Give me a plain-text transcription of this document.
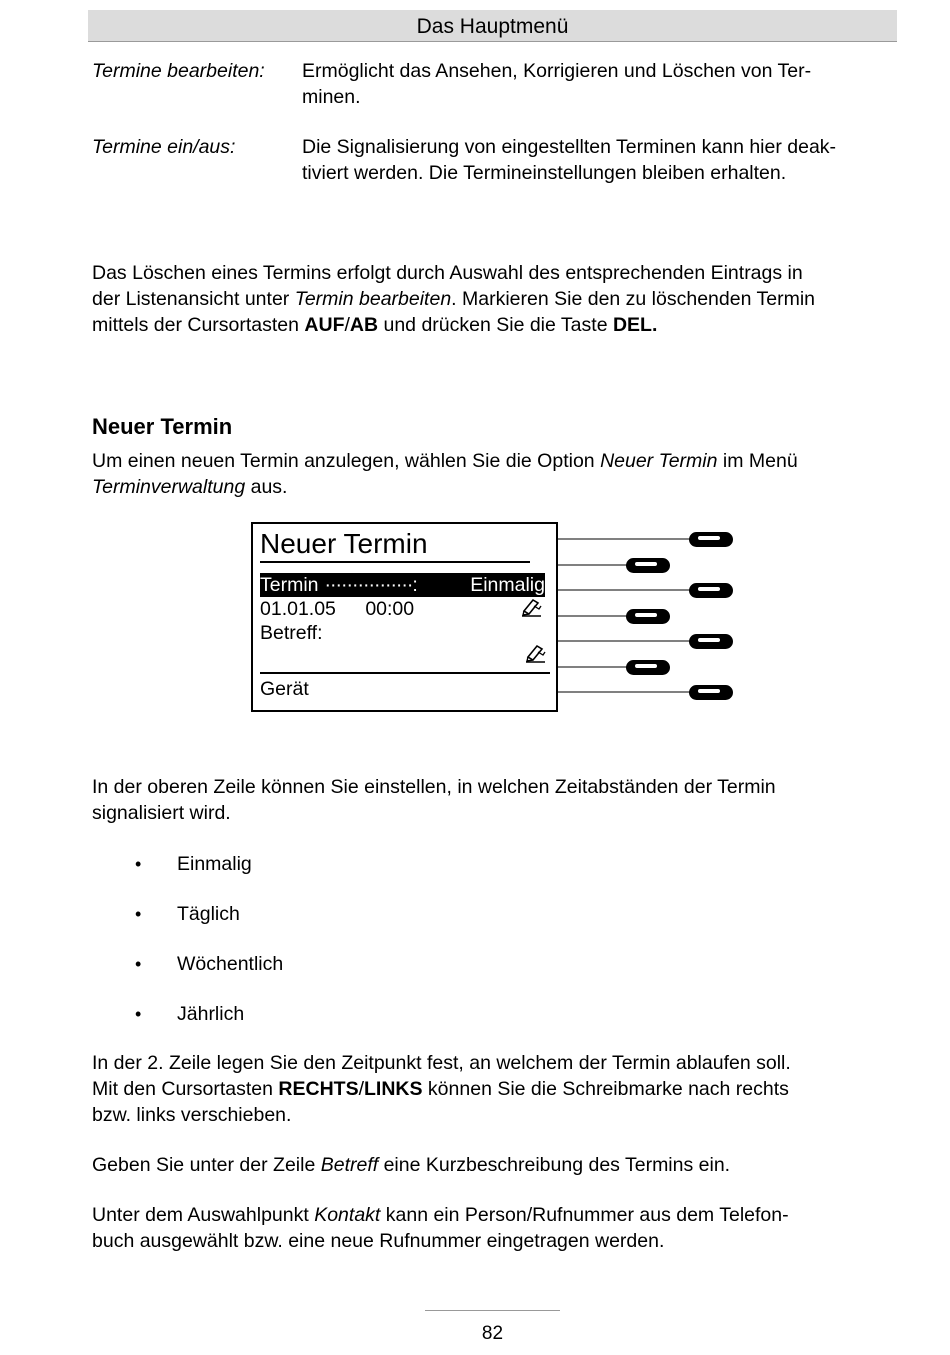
Das Hauptmenü
Termine bearbeiten: Ermöglicht das Ansehen, Korrigieren und Löschen von Ter-
minen.
Termine ein/aus:	Die Signalisierung von eingestellten Terminen kann hier deak-
tiviert werden. Die Termineinstellungen bleiben erhalten.
Das Löschen eines Termins erfolgt durch Auswahl des entsprechenden Eintrags in
der Listenansicht unter Termin bearbeiten. Markieren Sie den zu löschenden Termin
mittels der Cursortasten AUF/AB und drücken Sie die Taste DEL.
Neuer Termin
Um einen neuen Termin anzulegen, wählen Sie die Option Neuer Termin im Menü
Terminverwaltung aus.
Neuer Termin
Termin ················:	Einmalig
01.01.05 00:00
Betreff:
Gerät
In der oberen Zeile können Sie einstellen, in welchen Zeitabständen der Termin
signalisiert wird.
• Einmalig
• Täglich
• Wöchentlich
• Jährlich
In der 2. Zeile legen Sie den Zeitpunkt fest, an welchem der Termin ablaufen soll.
Mit den Cursortasten RECHTS/LINKS können Sie die Schreibmarke nach rechts
bzw. links verschieben.
Geben Sie unter der Zeile Betreff eine Kurzbeschreibung des Termins ein.
Unter dem Auswahlpunkt Kontakt kann ein Person/Rufnummer aus dem Telefon-
buch ausgewählt bzw. eine neue Rufnummer eingetragen werden.
82
